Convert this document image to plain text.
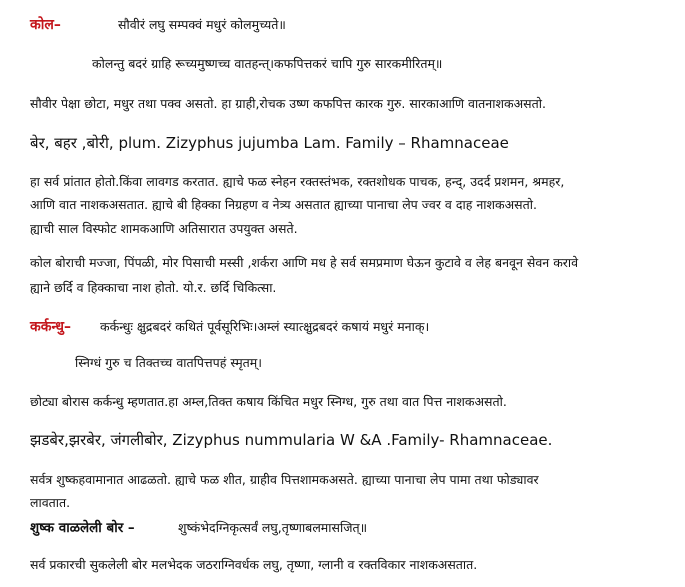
कोल–	सौवीरं लघु सम्पक्वं मधुरं कोलमुच्यते॥
कोलन्तु बदरं ग्राहि रूच्यमुष्णच्च वातहन्त्।कफपित्तकरं चापि गुरु सारकमीरितम्॥
सौवीर पेक्षा छोटा, मधुर तथा पक्व असतो. हा ग्राही,रोचक उष्ण कफपित्त कारक गुरु. सारकाआणि वातनाशकअसतो.
बेर, बहर ,बोरी, plum. Zizyphus jujumba Lam. Family – Rhamnaceae
हा सर्व प्रांतात होतो.किंवा लावगड करतात. ह्याचे फळ स्नेहन रक्तस्तंभक, रक्तशोधक पाचक, हन्द्, उदर्द प्रशमन, श्रमहर,
आणि वात नाशकअसतात. ह्याचे बी हिक्का निग्रहण व नेत्र्य असतात ह्याच्या पानाचा लेप ज्वर व दाह नाशकअसतो.
ह्याची साल विस्फोट शामकआणि अतिसारात उपयुक्त असते.
कोल बोराची मज्जा, पिंपळी, मोर पिसाची मस्सी ,शर्करा आणि मध हे सर्व समप्रमाण घेऊन कुटावे व लेह बनवून सेवन करावे
ह्याने छर्दि व हिक्काचा नाश होतो. यो.र. छर्दि चिकित्सा.
कर्कन्धु– कर्कन्धुः क्षुद्रबदरं कथितं पूर्वसूरिभिः।अम्लं स्यात्क्षुद्रबदरं कषायं मधुरं मनाक्।
स्निग्धं गुरु च तिक्तच्च वातपित्तपहं स्मृतम्।
छोट्या बोरास कर्कन्धु म्हणतात.हा अम्ल,तिक्त कषाय किंचित मधुर स्निग्ध, गुरु तथा वात पित्त नाशकअसतो.
झडबेर,झरबेर, जंगलीबोर, Zizyphus nummularia W &A .Family- Rhamnaceae.
सर्वत्र शुष्कहवामानात आढळतो. ह्याचे फळ शीत, ग्राहीव पित्तशामकअसते. ह्याच्या पानाचा लेप पामा तथा फोड्यावर
लावतात.
शुष्क वाळलेली बोर –	शुष्कंभेदग्निकृत्सर्वं लघु,तृष्णाबलमासजित्॥
सर्व प्रकारची सुकलेली बोर मलभेदक जठराग्निवर्धक लघु, तृष्णा, ग्लानी व रक्तविकार नाशकअसतात.
